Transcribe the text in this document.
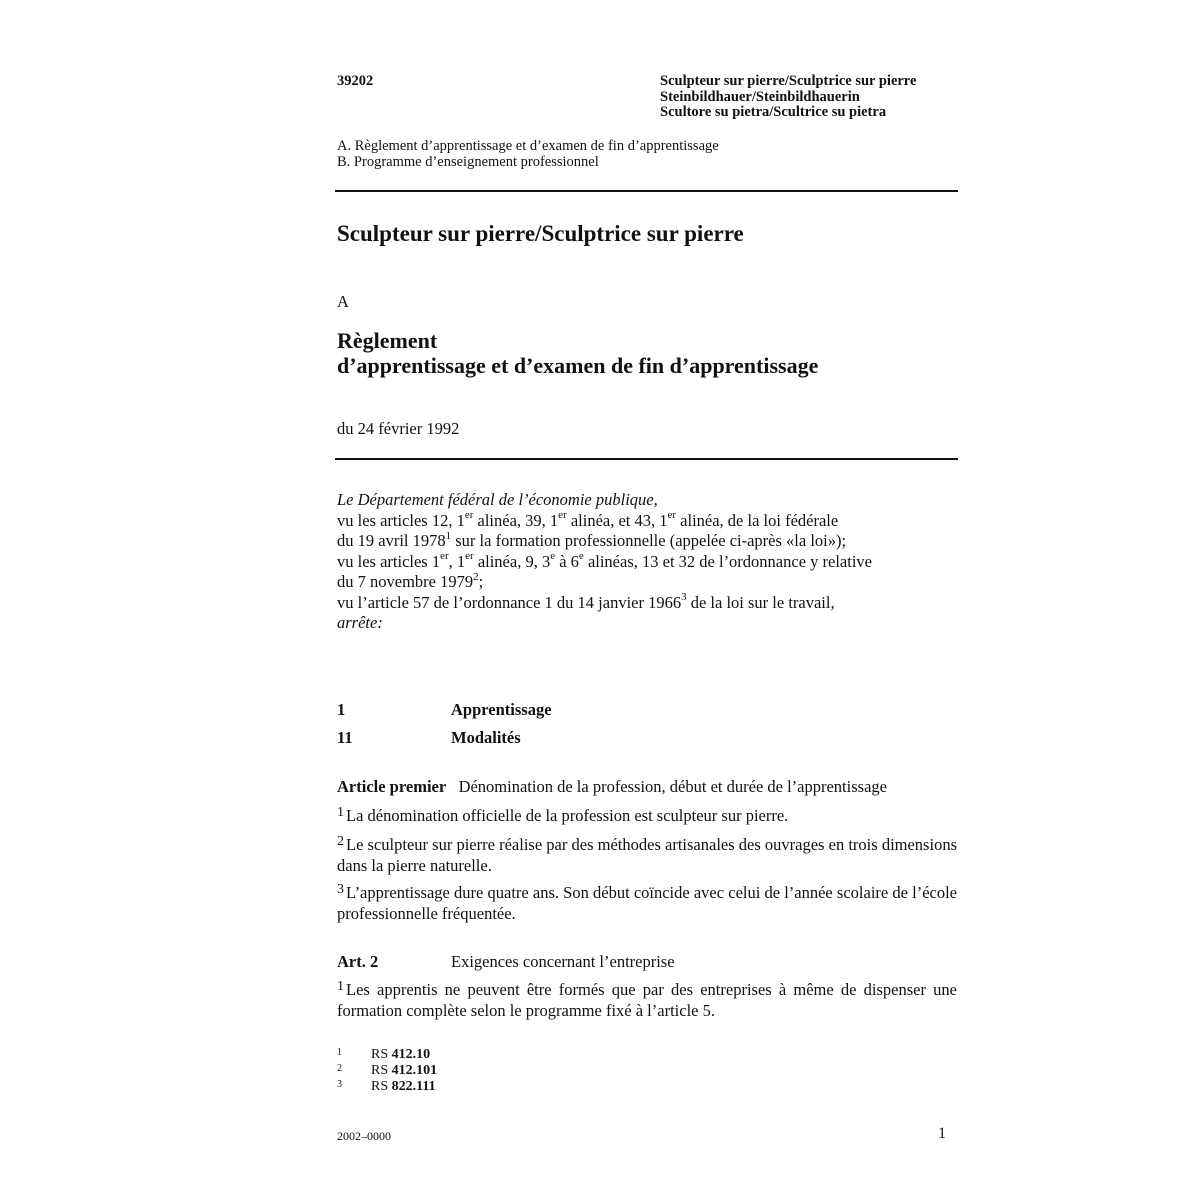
39202	Sculpteur sur pierre/Sculptrice sur pierre
Steinbildhauer/Steinbildhauerin
Scultore su pietra/Scultrice su pietra
A. Règlement d’apprentissage et d’examen de fin d’apprentissage
B. Programme d’enseignement professionnel
Sculpteur sur pierre/Sculptrice sur pierre
A
Règlement
d’apprentissage et d’examen de fin d’apprentissage
du 24 février 1992
Le Département fédéral de l’économie publique,
vu les articles 12, 1er alinéa, 39, 1er alinéa, et 43, 1er alinéa, de la loi fédérale
du 19 avril 1978$^1$ sur la formation professionnelle (appelée ci-après «la loi»);
vu les articles 1er, 1er alinéa, 9, 3e à 6e alinéas, 13 et 32 de l’ordonnance y relative
du 7 novembre 1979$^2$;
vu l’article 57 de l’ordonnance 1 du 14 janvier 1966$^3$ de la loi sur le travail,
arrête:
1	Apprentissage
11	Modalités
Article premier Dénomination de la profession, début et durée de l’apprentissage
1 La dénomination officielle de la profession est sculpteur sur pierre.
2 Le sculpteur sur pierre réalise par des méthodes artisanales des ouvrages en trois dimensions dans la pierre naturelle.
3 L’apprentissage dure quatre ans. Son début coïncide avec celui de l’année scolaire de l’école professionnelle fréquentée.
Art. 2	Exigences concernant l’entreprise
1 Les apprentis ne peuvent être formés que par des entreprises à même de dispenser une formation complète selon le programme fixé à l’article 5.
1 RS 412.10
2 RS 412.101
3 RS 822.111
2002–0000	1
